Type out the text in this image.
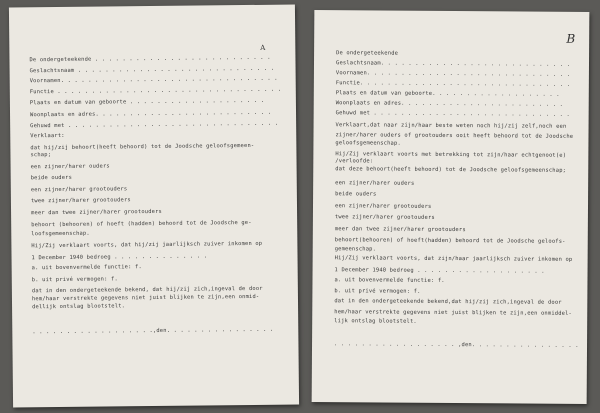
A
De ondergeteekende . . . . . . . . . . . . . . . . . . . . . . . . . .
Geslachtsnaam . . . . . . . . . . . . . . . . . . . . . . . . . . . . .
Voornamen. . . . . . . . . . . . . . . . . . . . . . . . . . . . . . . .
Functie . . . . . . . . . . . . . . . . . . . . . . . . . . . . . . . . .
Plaats en datum van geboorte . . . . . . . . . . . . . . . . . . . .
Woonplaats en adres. . . . . . . . . . . . . . . . . . . . . . . . . .
Gehuwd met . . . . . . . . . . . . . . . . . . . . . . . . . . . . . . .
Verklaart:
dat hij/zij behoort(heeft behoord) tot de Joodsche geloofsgemeen-
schap;
een zijner/harer ouders
beide ouders
een zijner/harer grootouders
twee zijner/harer grootouders
meer dan twee zijner/harer grootouders
behoort (behooren) of hoeft (hadden) behoord tot de Joodsche ge-
loofsgemeenschap.
Hij/Zij verklaart voorts, dat hij/zij jaarlijksch zuiver inkomen op
1 December 1940 bedroeg . . . . . . . . . . . . . .
a. uit bovenvermelde functie: f.
b. uit privé vermogen: f.
dat in den ondergeteekende bekend, dat hij/zij zich,ingeval de door
hem/haar verstrekte gegevens niet juist blijken te zijn,een onmid-
dellijk ontslag blootstelt.
. . . . . . . . . . . . . . . . . .,den. . . . . . . . . . . . . . . .
B
De ondergeteekende
Geslachtsnaam. . . . . . . . . . . . . . . . . . . . . . . . . . . .
Voornamen. . . . . . . . . . . . . . . . . . . . . . . . . . . . . .
Functie. . . . . . . . . . . . . . . . . . . . . . . . . . . . . . .
Plaats en datum van geboorte. . . . . . . . . . . . . . . . . . .
Woonplaats en adres. . . . . . . . . . . . . . . . . . . . . . . .
Gehuwd met . . . . . . . . . . . . . . . . . . . . . . . . . . . . .
Verklaart,dat naar zijn/haar beste weten noch hij/zij zelf,noch een
zijner/harer ouders of grootouders ooit heeft behoord tot de Joodsche
geloofsgemeenschap.
Hij/Zij verklaart voorts met betrekking tot zijn/haar echtgenoot(e)
/verloofde:
dat deze behoort(heeft behoord) tot de Joodsche geloofsgemeenschap;
een zijner/harer ouders
beide ouders
een zijner/harer grootouders
twee zijner/harer grootouders
meer dan twee zijner/harer grootouders
behoort(behooren) of hoeft(hadden) behoord tot de Joodsche geloofs-
gemeenschap.
Hij/Zij verklaart voorts, dat zijn/haar jaarlijksch zuiver inkomen op
1 December 1940 bedroeg . . . . . . . . . . . . . . . . . . .
a. uit bovenvermelde functie: f.
b. uit privé vermogen: f.
dat in den ondergeteekende bekend,dat hij/zij zich,ingeval de door
hem/haar verstrekte gegevens niet juist blijken te zijn,een onmiddel-
lijk ontslag blootstelt.
. . . . . . . . . . . . . . . . . . ,den. . . . . . . . . . . . . . . .
